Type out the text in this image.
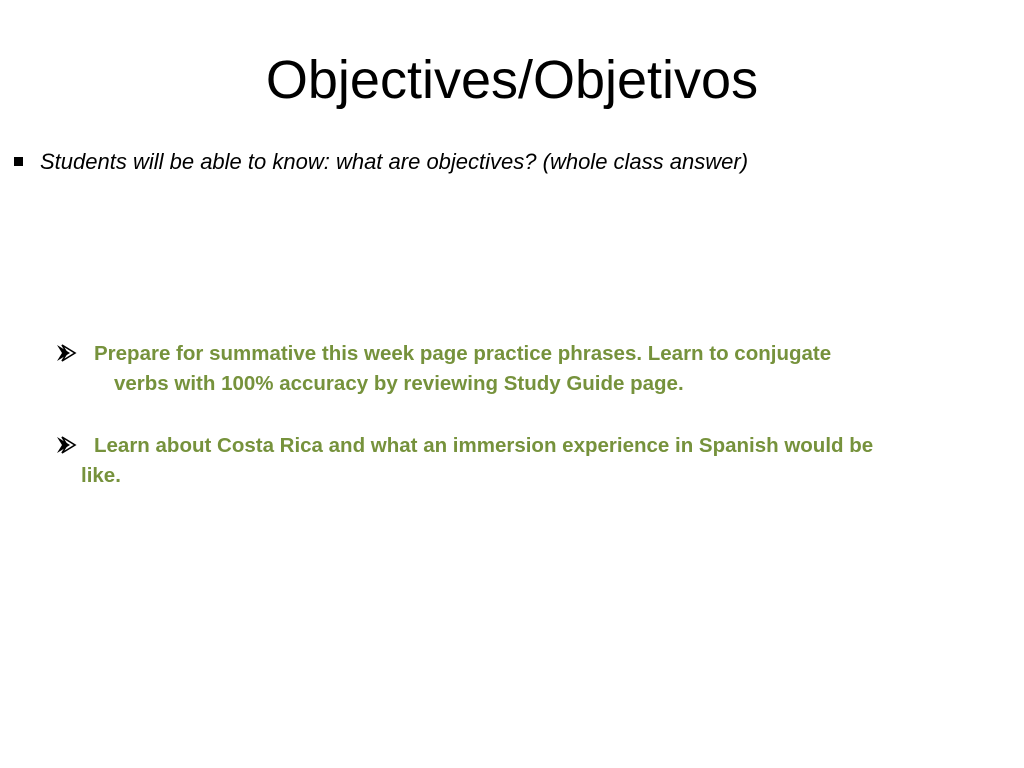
Objectives/Objetivos
Students will be able to know: what are objectives? (whole class answer)
Prepare for summative this week page practice phrases. Learn to conjugate
verbs with 100% accuracy by reviewing Study Guide page.
Learn about Costa Rica and what an immersion experience in Spanish would be
like.
